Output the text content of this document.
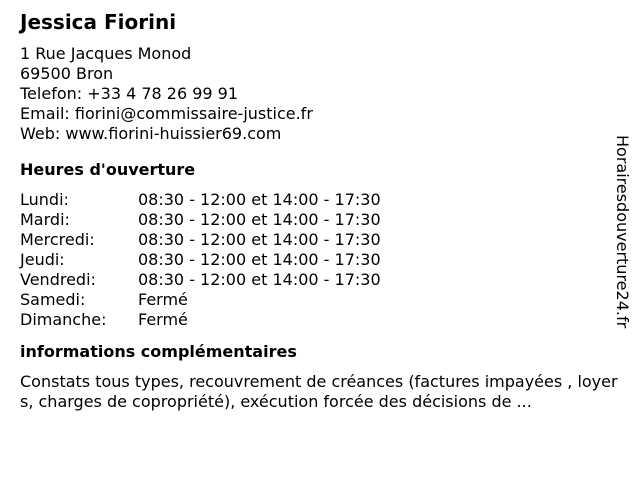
Jessica Fiorini
1 Rue Jacques Monod
69500 Bron
Telefon: +33 4 78 26 99 91
Email: fiorini@commissaire-justice.fr
Web: www.fiorini-huissier69.com
Heures d'ouverture
Lundi:	08:30 - 12:00 et 14:00 - 17:30
Mardi:	08:30 - 12:00 et 14:00 - 17:30
Mercredi:	08:30 - 12:00 et 14:00 - 17:30
Jeudi:	08:30 - 12:00 et 14:00 - 17:30
Vendredi:	08:30 - 12:00 et 14:00 - 17:30
Samedi:	Fermé
Dimanche:	Fermé
informations complémentaires
Constats tous types, recouvrement de créances (factures impayées , loyers, charges de copropriété), exécution forcée des décisions de ...
Horairesdouverture24.fr
